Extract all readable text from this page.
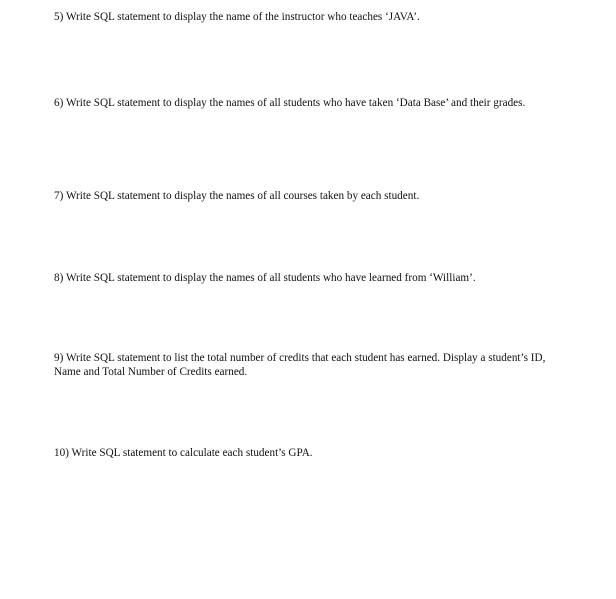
5) Write SQL statement to display the name of the instructor who teaches ‘JAVA’.

6) Write SQL statement to display the names of all students who have taken ‘Data Base’ and their grades.

7) Write SQL statement to display the names of all courses taken by each student.

8) Write SQL statement to display the names of all students who have learned from ‘William’.

9) Write SQL statement to list the total number of credits that each student has earned. Display a student’s ID, Name and Total Number of Credits earned.

10) Write SQL statement to calculate each student’s GPA.
